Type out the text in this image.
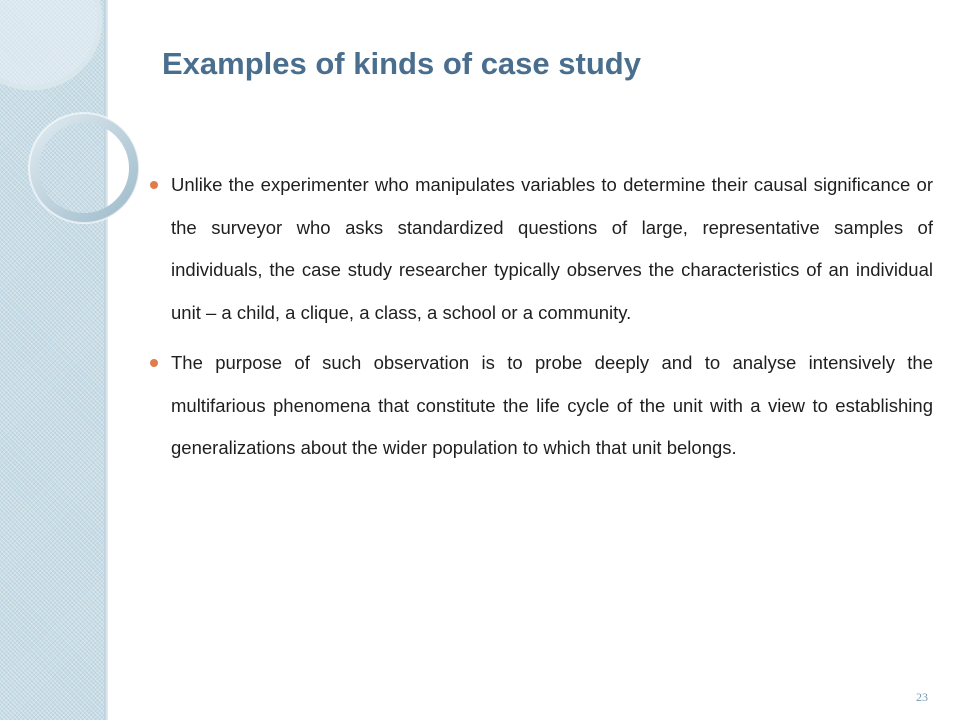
Examples of kinds of case study
Unlike the experimenter who manipulates variables to determine their causal significance or the surveyor who asks standardized questions of large, representative samples of individuals, the case study researcher typically observes the characteristics of an individual unit – a child, a clique, a class, a school or a community.
The purpose of such observation is to probe deeply and to analyse intensively the multifarious phenomena that constitute the life cycle of the unit with a view to establishing generalizations about the wider population to which that unit belongs.
23
